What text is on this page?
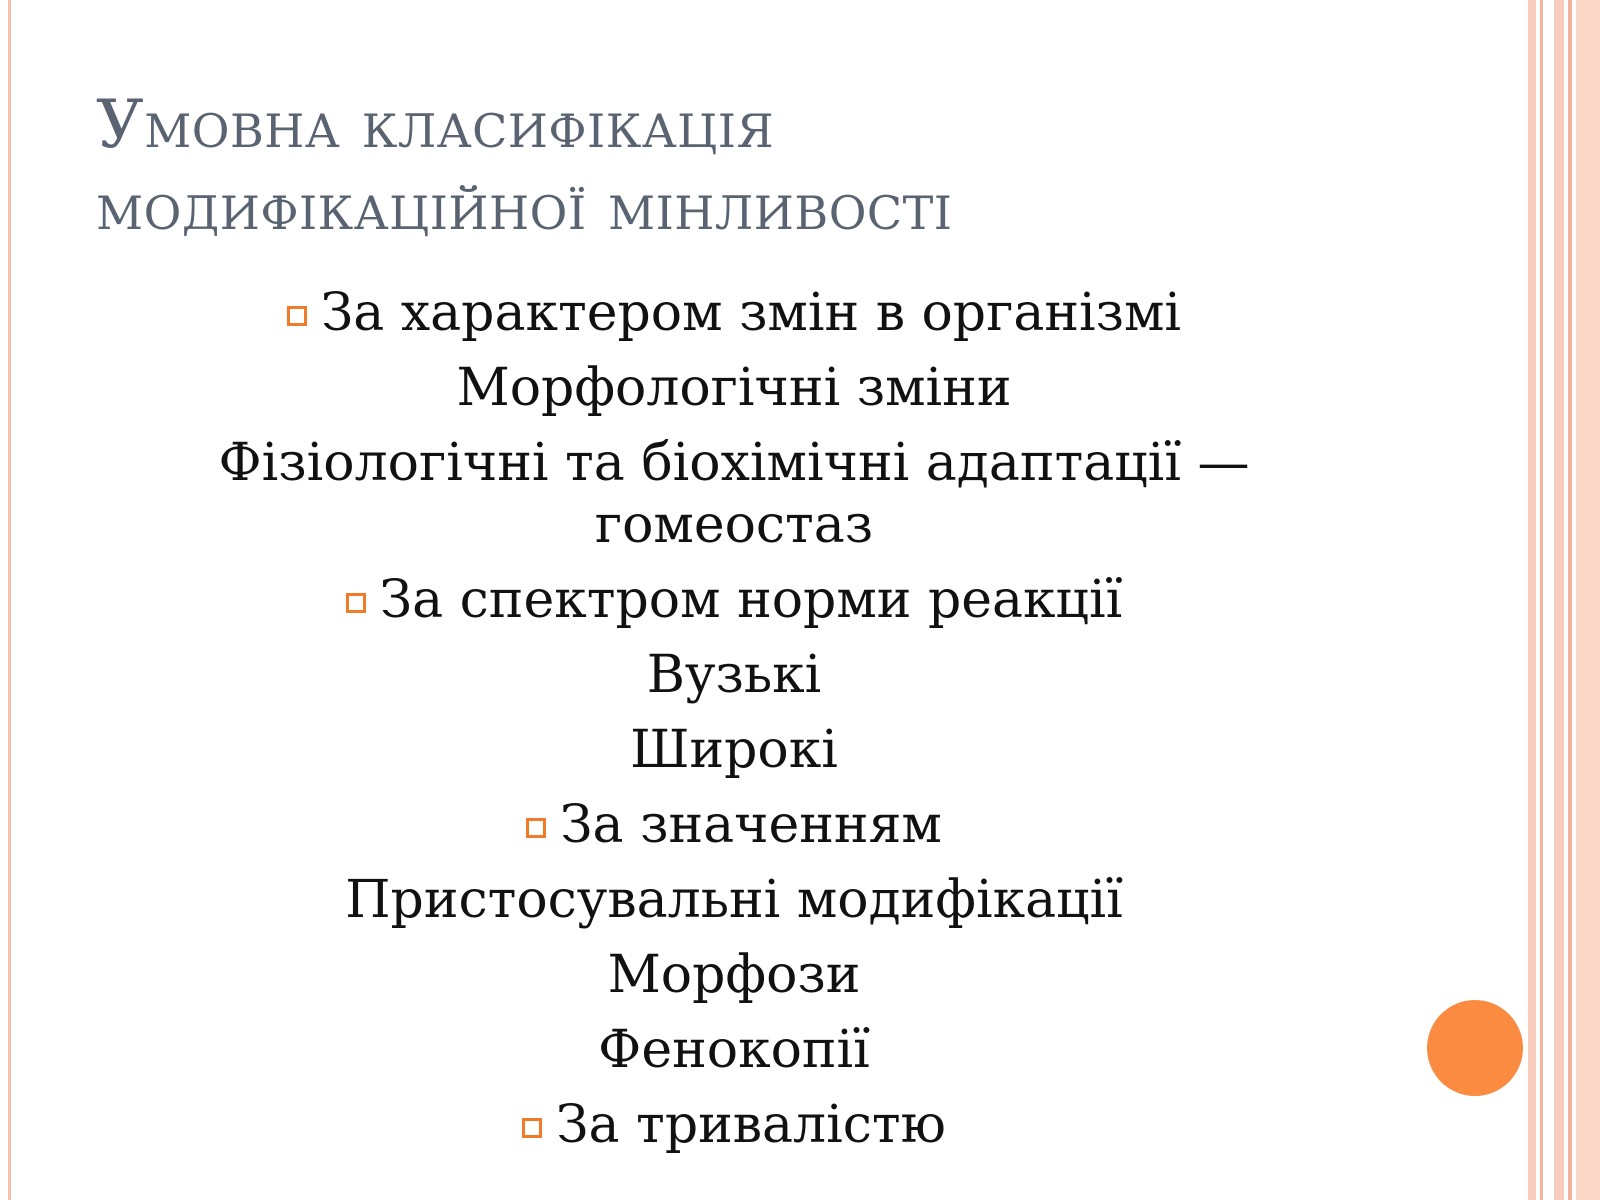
Умовна класифікація
модифікаційної мінливості
За характером змін в організмі
Морфологічні зміни
Фізіологічні та біохімічні адаптації — гомеостаз
За спектром норми реакції
Вузькі
Широкі
За значенням
Пристосувальні модифікації
Морфози
Фенокопії
За тривалістю
